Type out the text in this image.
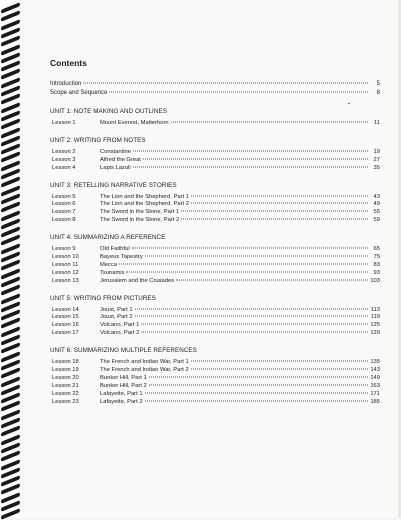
Contents
Introduction	5
Scope and Sequence	8
UNIT 1: NOTE MAKING AND OUTLINES
Lesson 1	Mount Everest, Matterhorn	11
UNIT 2: WRITING FROM NOTES
Lesson 2	Constantine	19
Lesson 3	Alfred the Great	27
Lesson 4	Lapis Lazuli	35
UNIT 3: RETELLING NARRATIVE STORIES
Lesson 5	The Lion and the Shepherd, Part 1	43
Lesson 6	The Lion and the Shepherd, Part 2	49
Lesson 7	The Sword in the Stone, Part 1	55
Lesson 8	The Sword in the Stone, Part 2	59
UNIT 4: SUMMARIZING A REFERENCE
Lesson 9	Old Faithful	65
Lesson 10	Bayeux Tapestry	75
Lesson 11	Mecca	83
Lesson 12	Tsunamis	93
Lesson 13	Jerusalem and the Crusades	103
UNIT 5: WRITING FROM PICTURES
Lesson 14	Joust, Part 1	113
Lesson 15	Joust, Part 2	119
Lesson 16	Volcano, Part 1	125
Lesson 17	Volcano, Part 2	129
UNIT 6: SUMMARIZING MULTIPLE REFERENCES
Lesson 18	The French and Indian War, Part 1	135
Lesson 19	The French and Indian War, Part 2	143
Lesson 20	Bunker Hill, Part 1	149
Lesson 21	Bunker Hill, Part 2	163
Lesson 22	Lafayette, Part 1	171
Lesson 23	Lafayette, Part 2	185
